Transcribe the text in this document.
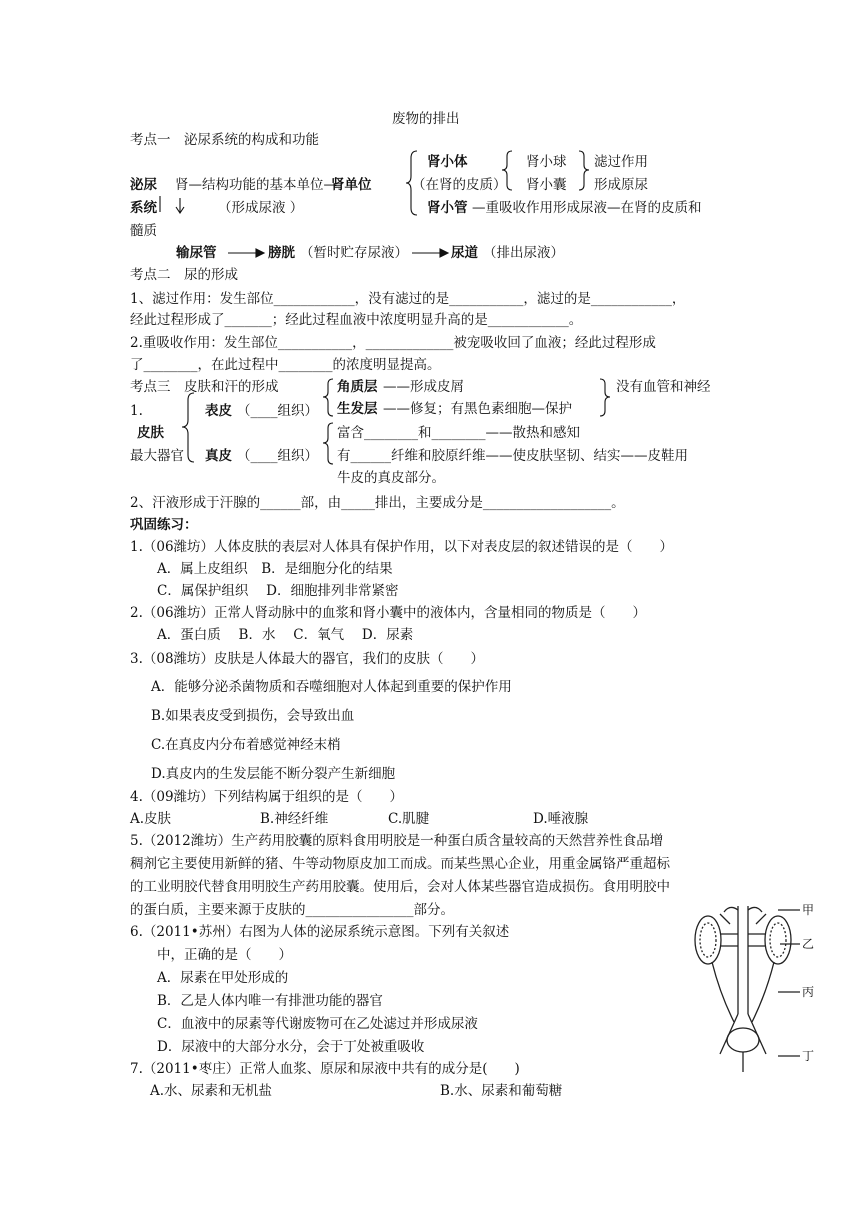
废物的排出
考点一　泌尿系统的构成和功能
肾小体	肾小球 滤过作用
泌尿 肾—结构功能的基本单位—
肾单位	（在肾的皮质） 肾小囊 形成原尿
系统	（形成尿液 ）	肾小管 —重吸收作用形成尿液—在肾的皮质和
髓质
输尿管	膀胱 （暂时贮存尿液）	尿道 （排出尿液）
考点二　尿的形成
1、滤过作用：发生部位____________，没有滤过的是___________，滤过的是____________，
经此过程形成了_______；经此过程血液中浓度明显升高的是____________。
2.重吸收作用：发生部位___________，_____________被宠吸收回了血液；经此过程形成
了________，在此过程中________的浓度明显提高。
考点三　皮肤和汗的形成	角质层 ——形成皮屑	没有血管和神经
1.	表皮 （____组织） 生发层 ——修复；有黑色素细胞—保护
皮肤	富含________和________——散热和感知
最大器官 真皮 （____组织） 有______纤维和胶原纤维——使皮肤坚韧、结实——皮鞋用
牛皮的真皮部分。
2、汗液形成于汗腺的______部，由_____排出，主要成分是___________________。
巩固练习：
1.（06潍坊）人体皮肤的表层对人体具有保护作用，以下对表皮层的叙述错误的是（　　）
A．属上皮组织　B．是细胞分化的结果
C．属保护组织　 D．细胞排列非常紧密
2.（06潍坊）正常人肾动脉中的血浆和肾小囊中的液体内，含量相同的物质是（　　）
A．蛋白质　 B．水　 C．氧气　 D．尿素
3.（08潍坊）皮肤是人体最大的器官，我们的皮肤（　　）
A．能够分泌杀菌物质和吞噬细胞对人体起到重要的保护作用
B.如果表皮受到损伤，会导致出血
C.在真皮内分布着感觉神经末梢
D.真皮内的生发层能不断分裂产生新细胞
4.（09潍坊）下列结构属于组织的是（　　）
A.皮肤	B.神经纤维	C.肌腱	D.唾液腺
5.（2012潍坊）生产药用胶囊的原料食用明胶是一种蛋白质含量较高的天然营养性食品增
稠剂它主要使用新鲜的猪、牛等动物原皮加工而成。而某些黑心企业，用重金属铬严重超标
的工业明胶代替食用明胶生产药用胶囊。使用后，会对人体某些器官造成损伤。食用明胶中
的蛋白质，主要来源于皮肤的________________部分。
6.（2011•苏州）右图为人体的泌尿系统示意图。下列有关叙述
中，正确的是（　　）
A．尿素在甲处形成的
B．乙是人体内唯一有排泄功能的器官
C．血液中的尿素等代谢废物可在乙处滤过并形成尿液
D．尿液中的大部分水分，会于丁处被重吸收
7.（2011•枣庄）正常人血浆、原尿和尿液中共有的成分是(　　)
A.水、尿素和无机盐	B.水、尿素和葡萄糖
甲
乙
丙
丁
